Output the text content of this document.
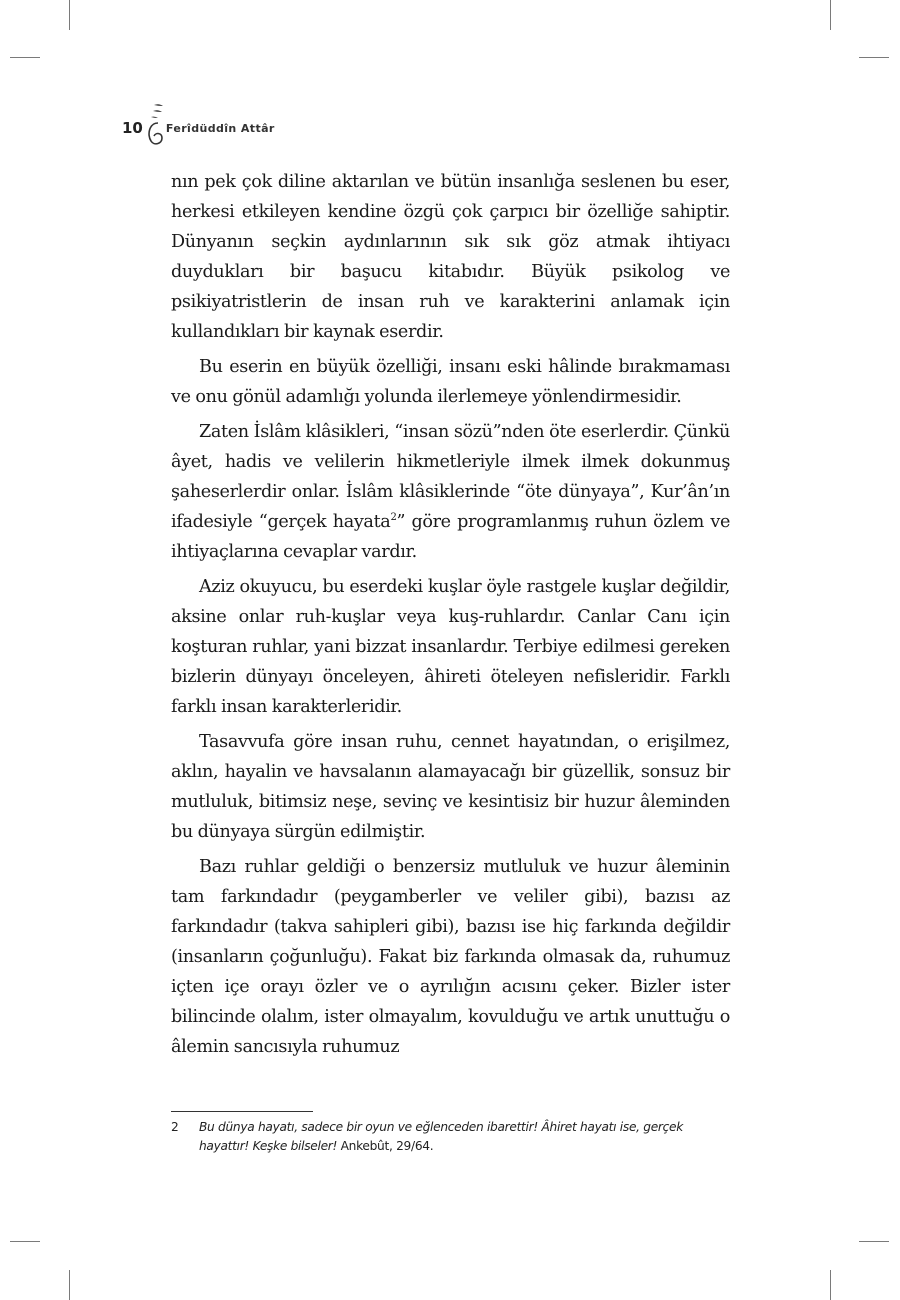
10 Ferîdüddîn Attâr

nın pek çok diline aktarılan ve bütün insanlığa seslenen bu eser, herkesi etkileyen kendine özgü çok çarpıcı bir özelliğe sahiptir. Dünyanın seçkin aydınlarının sık sık göz atmak ihtiyacı duydukları bir başucu kitabıdır. Büyük psikolog ve psikiyatristlerin de insan ruh ve karakterini anlamak için kullandıkları bir kaynak eserdir.

Bu eserin en büyük özelliği, insanı eski hâlinde bırakmaması ve onu gönül adamlığı yolunda ilerlemeye yönlendirmesidir.

Zaten İslâm klâsikleri, “insan sözü”nden öte eserlerdir. Çünkü âyet, hadis ve velilerin hikmetleriyle ilmek ilmek dokunmuş şaheserlerdir onlar. İslâm klâsiklerinde “öte dünyaya”, Kur’ân’ın ifadesiyle “gerçek hayata$^2$” göre programlanmış ruhun özlem ve ihtiyaçlarına cevaplar vardır.

Aziz okuyucu, bu eserdeki kuşlar öyle rastgele kuşlar değildir, aksine onlar ruh-kuşlar veya kuş-ruhlardır. Canlar Canı için koşturan ruhlar, yani bizzat insanlardır. Terbiye edilmesi gereken bizlerin dünyayı önceleyen, âhireti öteleyen nefisleridir. Farklı farklı insan karakterleridir.

Tasavvufa göre insan ruhu, cennet hayatından, o erişilmez, aklın, hayalin ve havsalanın alamayacağı bir güzellik, sonsuz bir mutluluk, bitimsiz neşe, sevinç ve kesintisiz bir huzur âleminden bu dünyaya sürgün edilmiştir.

Bazı ruhlar geldiği o benzersiz mutluluk ve huzur âleminin tam farkındadır (peygamberler ve veliler gibi), bazısı az farkındadır (takva sahipleri gibi), bazısı ise hiç farkında değildir (insanların çoğunluğu). Fakat biz farkında olmasak da, ruhumuz içten içe orayı özler ve o ayrılığın acısını çeker. Bizler ister bilincinde olalım, ister olmayalım, kovulduğu ve artık unuttuğu o âlemin sancısıyla ruhumuz

2 Bu dünya hayatı, sadece bir oyun ve eğlenceden ibarettir! Âhiret hayatı ise, gerçek hayattır! Keşke bilseler! Ankebût, 29/64.
